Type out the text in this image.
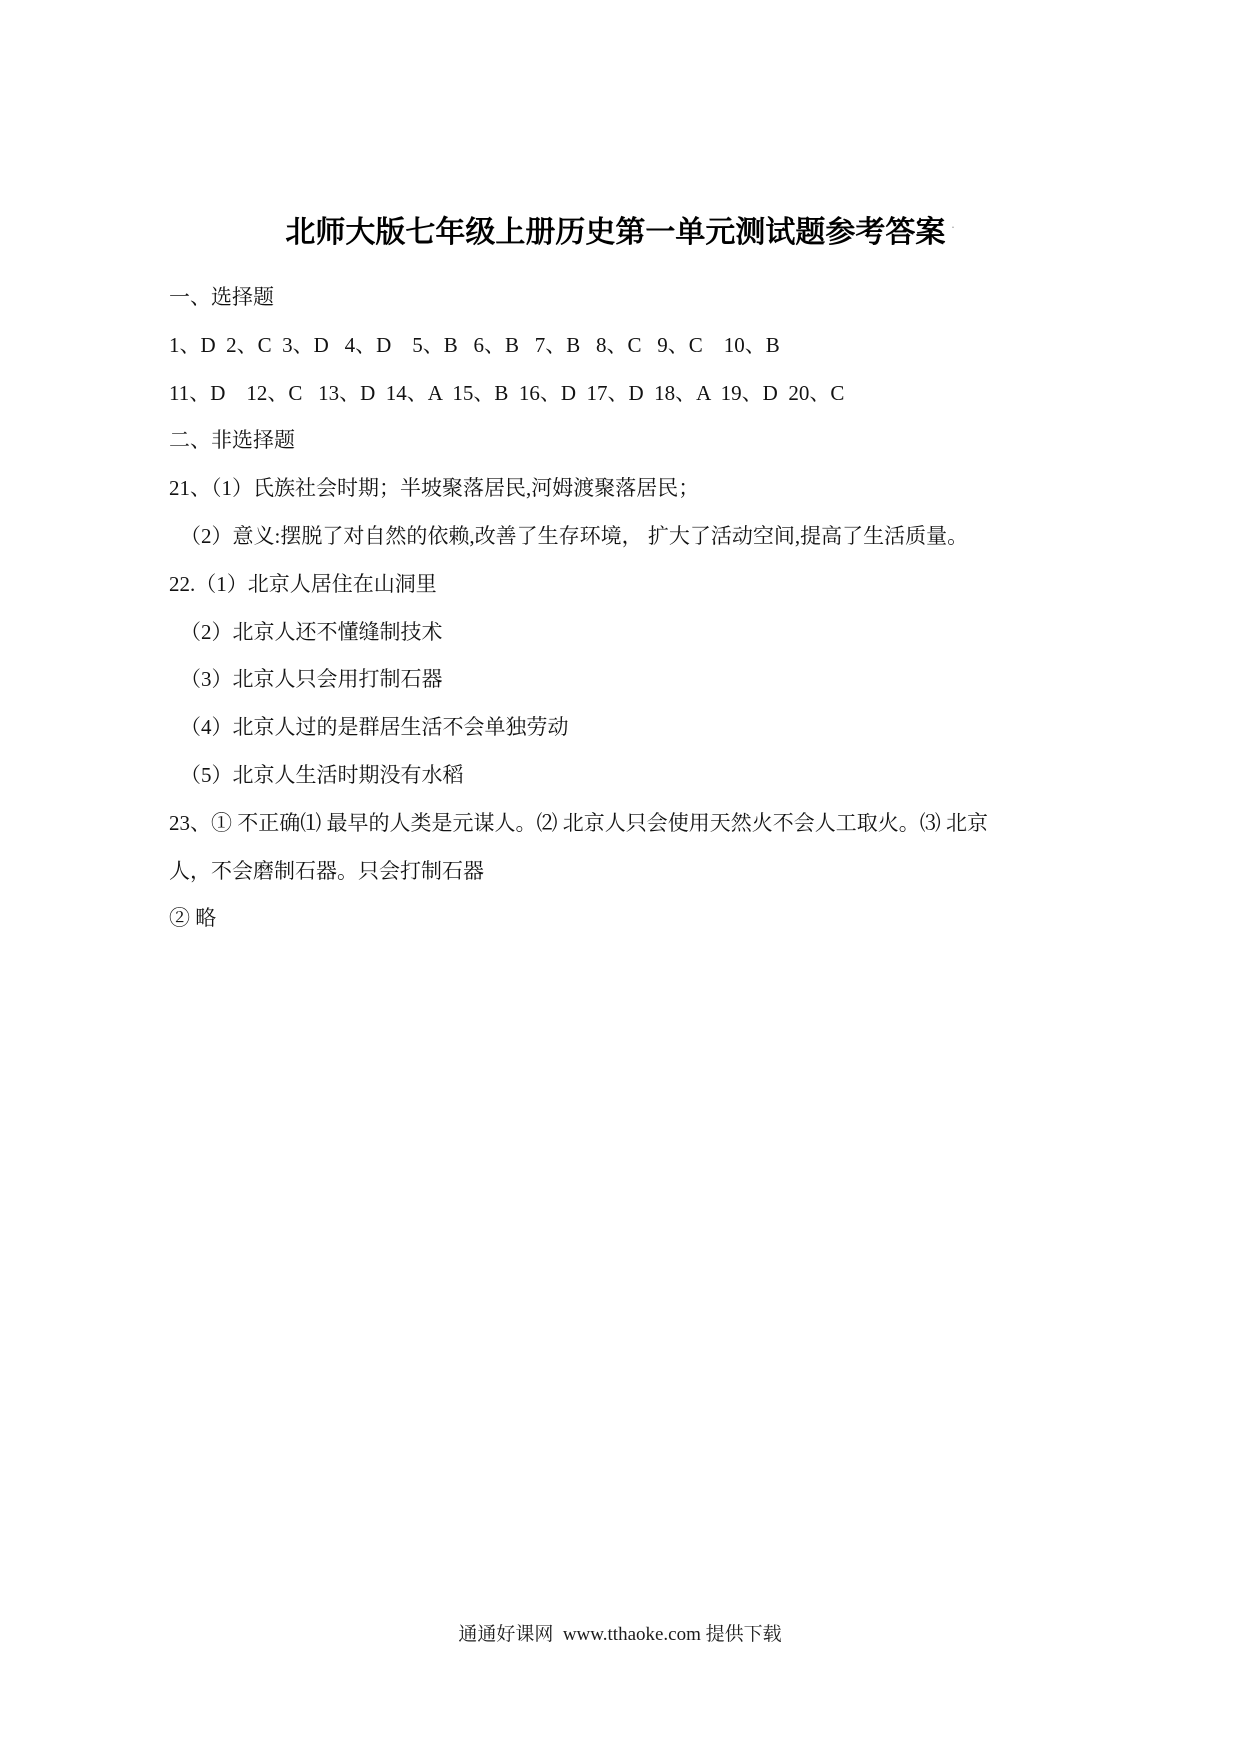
北师大版七年级上册历史第一单元测试题参考答案 .
一、选择题
1、D  2、C  3、D   4、D    5、B   6、B   7、B   8、C   9、C    10、B
11、D    12、C   13、D  14、A  15、B  16、D  17、D  18、A  19、D  20、C
二、非选择题
21、（1）氏族社会时期；半坡聚落居民,河姆渡聚落居民；
（2）意义:摆脱了对自然的依赖,改善了生存环境， 扩大了活动空间,提高了生活质量。
22.（1）北京人居住在山洞里
（2）北京人还不懂缝制技术
（3）北京人只会用打制石器
（4）北京人过的是群居生活不会单独劳动
（5）北京人生活时期没有水稻
23、① 不正确⑴ 最早的人类是元谋人。⑵ 北京人只会使用天然火不会人工取火。⑶ 北京
人，不会磨制石器。只会打制石器
② 略
通通好课网  www.tthaoke.com 提供下载
